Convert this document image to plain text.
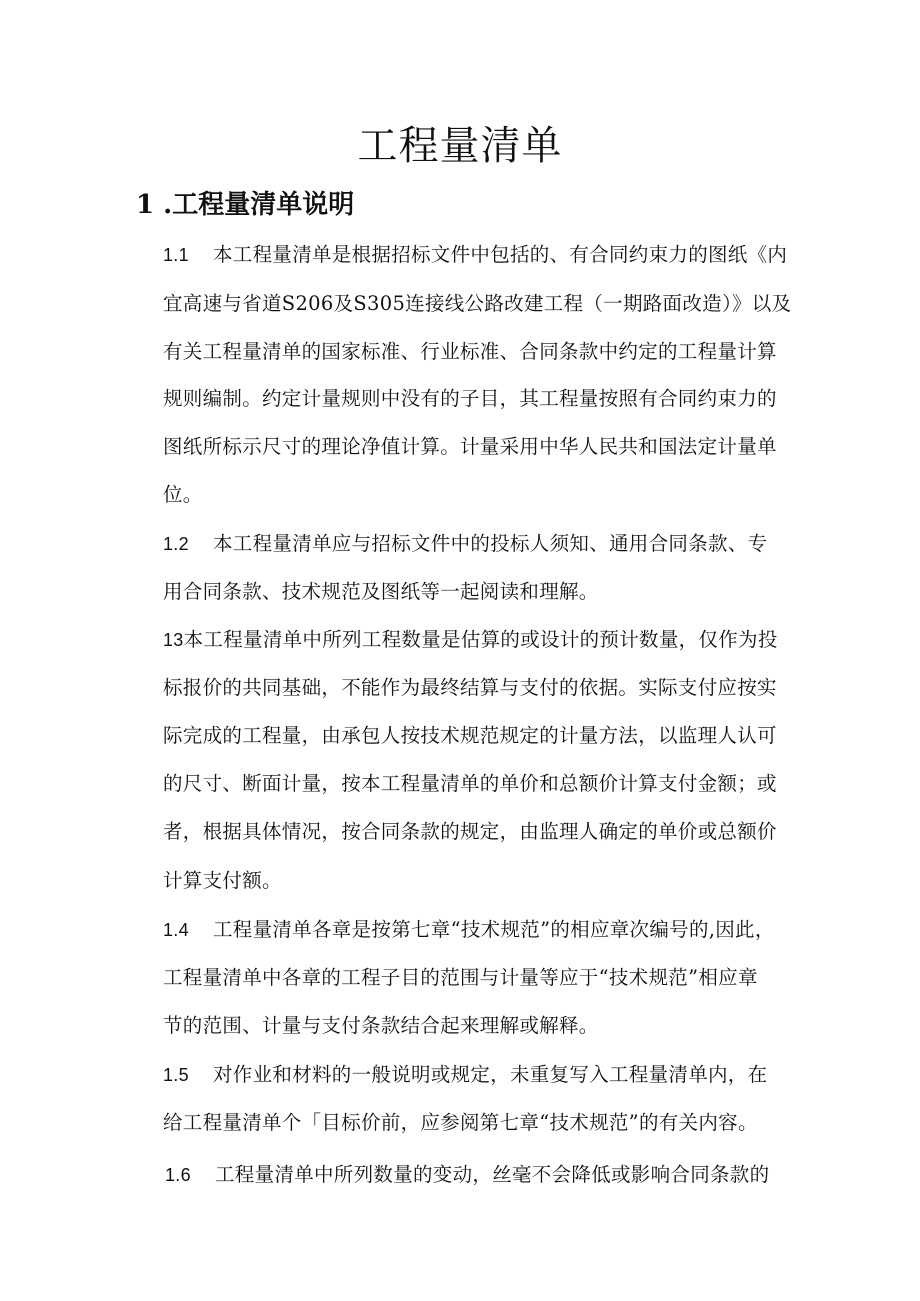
工程量清单
1 .工程量清单说明
1.1 本工程量清单是根据招标文件中包括的、有合同约束力的图纸《内
宜高速与省道S206及S305连接线公路改建工程（一期路面改造）》以及
有关工程量清单的国家标准、行业标准、合同条款中约定的工程量计算
规则编制。约定计量规则中没有的子目，其工程量按照有合同约束力的
图纸所标示尺寸的理论净值计算。计量采用中华人民共和国法定计量单
位。
1.2 本工程量清单应与招标文件中的投标人须知、通用合同条款、专
用合同条款、技术规范及图纸等一起阅读和理解。
13本工程量清单中所列工程数量是估算的或设计的预计数量，仅作为投
标报价的共同基础，不能作为最终结算与支付的依据。实际支付应按实
际完成的工程量，由承包人按技术规范规定的计量方法，以监理人认可
的尺寸、断面计量，按本工程量清单的单价和总额价计算支付金额；或
者，根据具体情况，按合同条款的规定，由监理人确定的单价或总额价
计算支付额。
1.4 工程量清单各章是按第七章“技术规范”的相应章次编号的,因此，
工程量清单中各章的工程子目的范围与计量等应于“技术规范”相应章
节的范围、计量与支付条款结合起来理解或解释。
1.5 对作业和材料的一般说明或规定，未重复写入工程量清单内，在
给工程量清单个「目标价前，应参阅第七章“技术规范”的有关内容。
1.6 工程量清单中所列数量的变动，丝毫不会降低或影响合同条款的
